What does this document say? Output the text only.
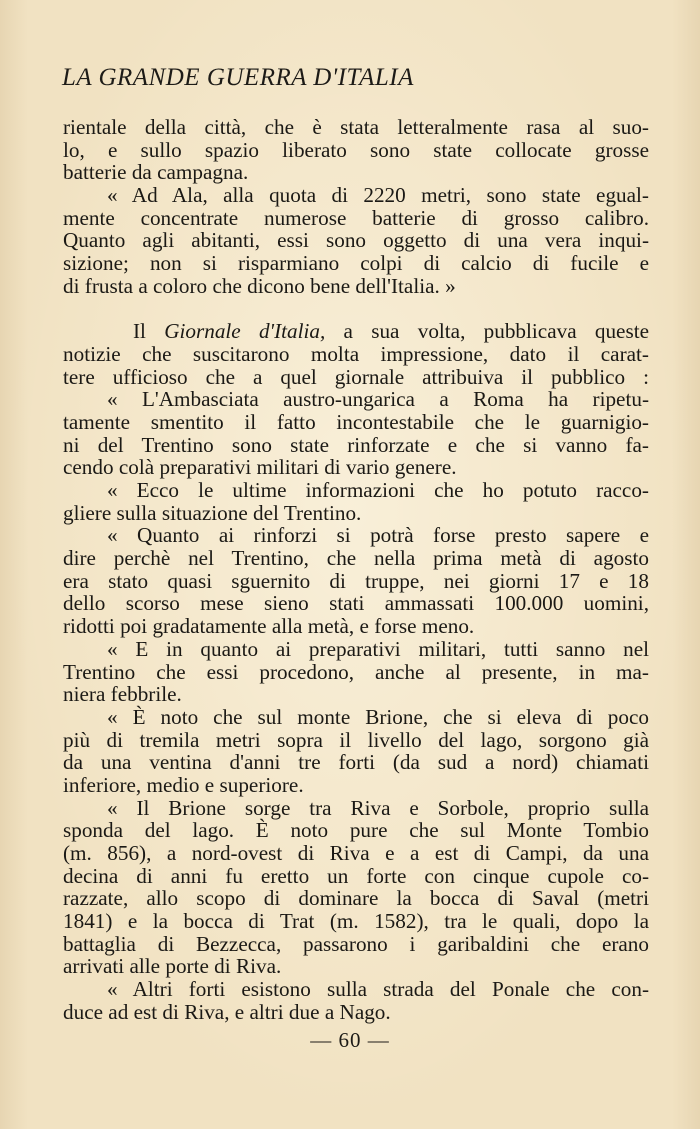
LA GRANDE GUERRA D'ITALIA
rientale della città, che è stata letteralmente rasa al suo-
lo, e sullo spazio liberato sono state collocate grosse
batterie da campagna.
« Ad Ala, alla quota di 2220 metri, sono state egual-
mente concentrate numerose batterie di grosso calibro.
Quanto agli abitanti, essi sono oggetto di una vera inqui-
sizione; non si risparmiano colpi di calcio di fucile e
di frusta a coloro che dicono bene dell'Italia. »
Il Giornale d'Italia, a sua volta, pubblicava queste
notizie che suscitarono molta impressione, dato il carat-
tere ufficioso che a quel giornale attribuiva il pubblico :
« L'Ambasciata austro-ungarica a Roma ha ripetu-
tamente smentito il fatto incontestabile che le guarnigio-
ni del Trentino sono state rinforzate e che si vanno fa-
cendo colà preparativi militari di vario genere.
« Ecco le ultime informazioni che ho potuto racco-
gliere sulla situazione del Trentino.
« Quanto ai rinforzi si potrà forse presto sapere e
dire perchè nel Trentino, che nella prima metà di agosto
era stato quasi sguernito di truppe, nei giorni 17 e 18
dello scorso mese sieno stati ammassati 100.000 uomini,
ridotti poi gradatamente alla metà, e forse meno.
« E in quanto ai preparativi militari, tutti sanno nel
Trentino che essi procedono, anche al presente, in ma-
niera febbrile.
« È noto che sul monte Brione, che si eleva di poco
più di tremila metri sopra il livello del lago, sorgono già
da una ventina d'anni tre forti (da sud a nord) chiamati
inferiore, medio e superiore.
« Il Brione sorge tra Riva e Sorbole, proprio sulla
sponda del lago. È noto pure che sul Monte Tombio
(m. 856), a nord-ovest di Riva e a est di Campi, da una
decina di anni fu eretto un forte con cinque cupole co-
razzate, allo scopo di dominare la bocca di Saval (metri
1841) e la bocca di Trat (m. 1582), tra le quali, dopo la
battaglia di Bezzecca, passarono i garibaldini che erano
arrivati alle porte di Riva.
« Altri forti esistono sulla strada del Ponale che con-
duce ad est di Riva, e altri due a Nago.
— 60 —
